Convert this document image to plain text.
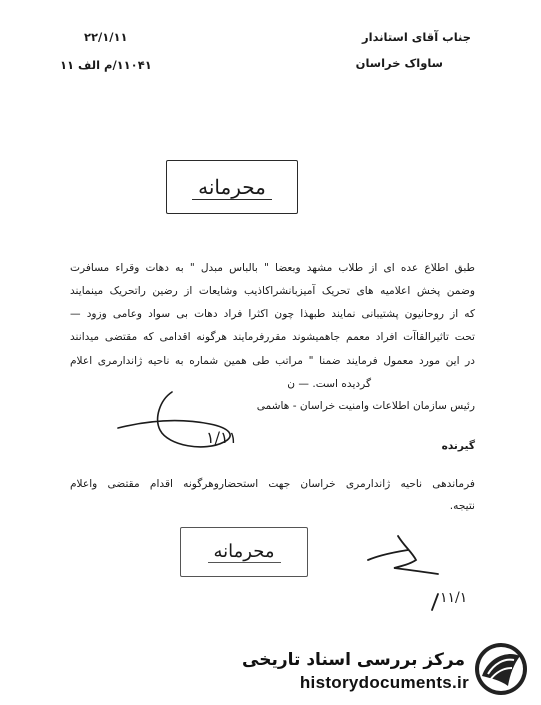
جناب آقای استاندار
ساواک خراسان
۲۲/۱/۱۱
۱۱۰۴۱/م الف ۱۱
محرمانه
طبق اطلاع عده ای از طلاب مشهد وبعضا " بالباس مبدل " به دهات وقراء مسافرت
وضمن پخش اعلامیه های تحریک آمیزبانشراکاذیب وشایعات از رضین راتحریک مینمایند
که از روحانیون پشتیبانی نمایند طبهذا چون اکثرا فراد دهات بی سواد وعامی وزود —
تحت تاثیرالقاآت افراد معمم جاهمیشوند مقررفرمایند هرگونه اقدامی که مقتضی میدانند
در این مورد معمول فرمایند ضمنا " مراتب طی همین شماره به ناحیه ژاندارمری اعلام
گردیده است. — ن
رئیس سازمان اطلاعات وامنیت خراسان - هاشمی
۱/۱۱	گیرنده
فرماندهی ناحیه ژاندارمری خراسان جهت استحضاروهرگونه اقدام مقتضی واعلام
نتیجه.
محرمانه
۱۱/۱
مرکز بررسی اسناد تاریخی
historydocuments.ir
